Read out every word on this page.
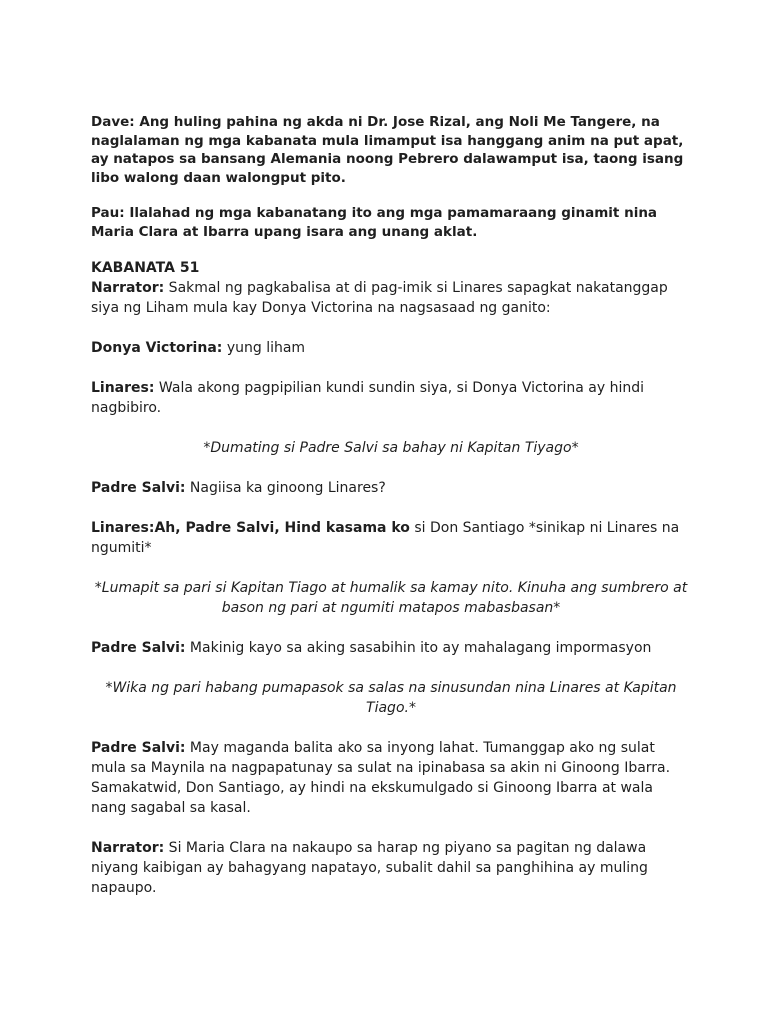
Dave: Ang huling pahina ng akda ni Dr. Jose Rizal, ang Noli Me Tangere, na naglalaman ng mga kabanata mula limamput isa hanggang anim na put apat, ay natapos sa bansang Alemania noong Pebrero dalawamput isa, taong isang libo walong daan walongput pito.

Pau: Ilalahad ng mga kabanatang ito ang mga pamamaraang ginamit nina Maria Clara at Ibarra upang isara ang unang aklat.

KABANATA 51

Narrator: Sakmal ng pagkabalisa at di pag-imik si Linares sapagkat nakatanggap siya ng Liham mula kay Donya Victorina na nagsasaad ng ganito:

Donya Victorina: yung liham

Linares: Wala akong pagpipilian kundi sundin siya, si Donya Victorina ay hindi nagbibiro.

*Dumating si Padre Salvi sa bahay ni Kapitan Tiyago*

Padre Salvi: Nagiisa ka ginoong Linares?

Linares:Ah, Padre Salvi, Hind kasama ko si Don Santiago *sinikap ni Linares na ngumiti*

*Lumapit sa pari si Kapitan Tiago at humalik sa kamay nito. Kinuha ang sumbrero at bason ng pari at ngumiti matapos mabasbasan*

Padre Salvi: Makinig kayo sa aking sasabihin ito ay mahalagang impormasyon

*Wika ng pari habang pumapasok sa salas na sinusundan nina Linares at Kapitan Tiago.*

Padre Salvi: May maganda balita ako sa inyong lahat. Tumanggap ako ng sulat mula sa Maynila na nagpapatunay sa sulat na ipinabasa sa akin ni Ginoong Ibarra. Samakatwid, Don Santiago, ay hindi na ekskumulgado si Ginoong Ibarra at wala nang sagabal sa kasal.

Narrator: Si Maria Clara na nakaupo sa harap ng piyano sa pagitan ng dalawa niyang kaibigan ay bahagyang napatayo, subalit dahil sa panghihina ay muling napaupo.
